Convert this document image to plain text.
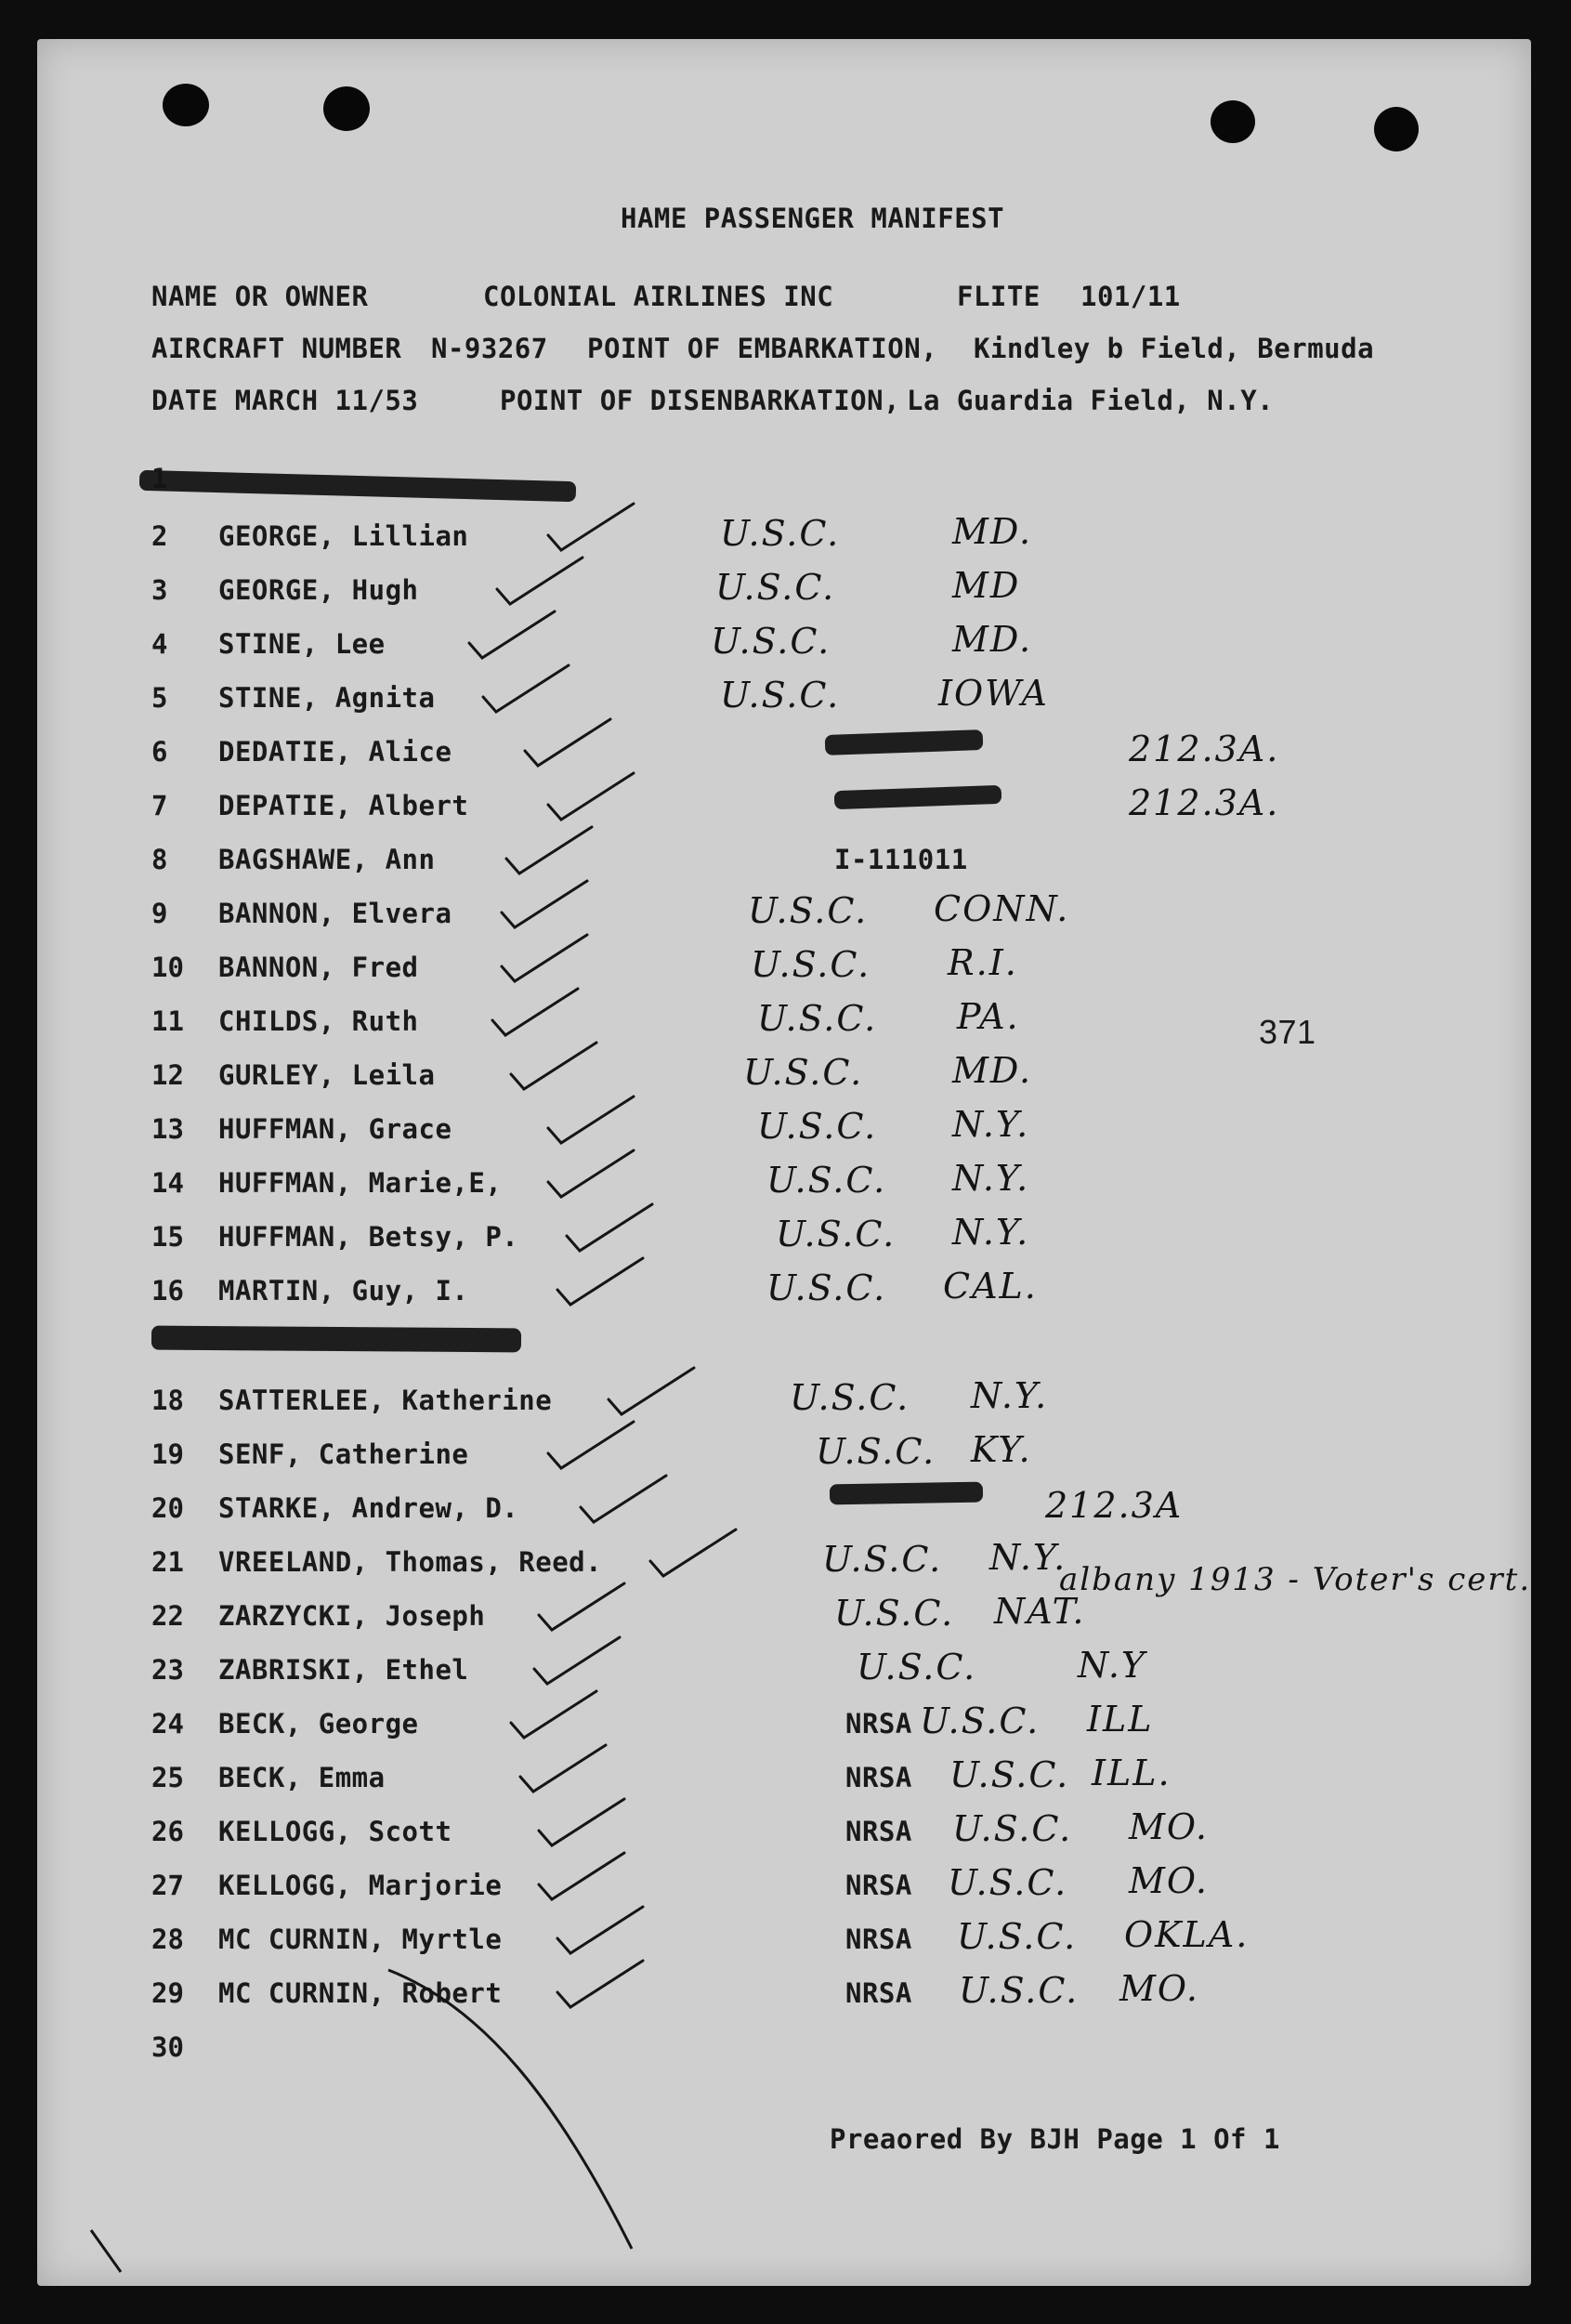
HAME PASSENGER MANIFEST
NAME OR OWNER	COLONIAL AIRLINES INC	FLITE 101/11
AIRCRAFT NUMBER N-93267 POINT OF EMBARKATION, Kindley b Field, Bermuda
DATE MARCH 11/53	POINT OF DISENBARKATION, La Guardia Field, N.Y.
2 GEORGE, Lillian	U.S.C.	MD.
3 GEORGE, Hugh	U.S.C.	MD
4 STINE, Lee	U.S.C.	MD.
5 STINE, Agnita	U.S.C.	IOWA
6 DEDATIE, Alice	212.3A.
7 DEPATIE, Albert	212.3A.
8 BAGSHAWE, Ann	I-111011
9 BANNON, Elvera	U.S.C. CONN.
10 BANNON, Fred	U.S.C. R.I.
11 CHILDS, Ruth	U.S.C. PA.
12 GURLEY, Leila	U.S.C.	MD.
13 HUFFMAN, Grace	U.S.C. N.Y.
14 HUFFMAN, Marie,E,	U.S.C. N.Y.
15 HUFFMAN, Betsy, P.	U.S.C. N.Y.
16 MARTIN, Guy, I.	U.S.C. CAL.
18 SATTERLEE, Katherine	U.S.C. N.Y.
19 SENF, Catherine	U.S.C. KY.
20 STARKE, Andrew, D.	212.3A
21 VREELAND, Thomas, Reed.	U.S.C. N.Y.
22 ZARZYCKI, Joseph	U.S.C. NAT.
23 ZABRISKI, Ethel	U.S.C.	N.Y
24 BECK, George	NRSA U.S.C. ILL
25 BECK, Emma	NRSA U.S.C. ILL.
26 KELLOGG, Scott	NRSA U.S.C. MO.
27 KELLOGG, Marjorie	NRSA U.S.C. MO.
28 MC CURNIN, Myrtle	NRSA U.S.C. OKLA.
29 MC CURNIN, Robert	NRSA U.S.C. MO.
30
371
albany 1913 - Voter's cert.
Preaored By BJH Page 1 Of 1
